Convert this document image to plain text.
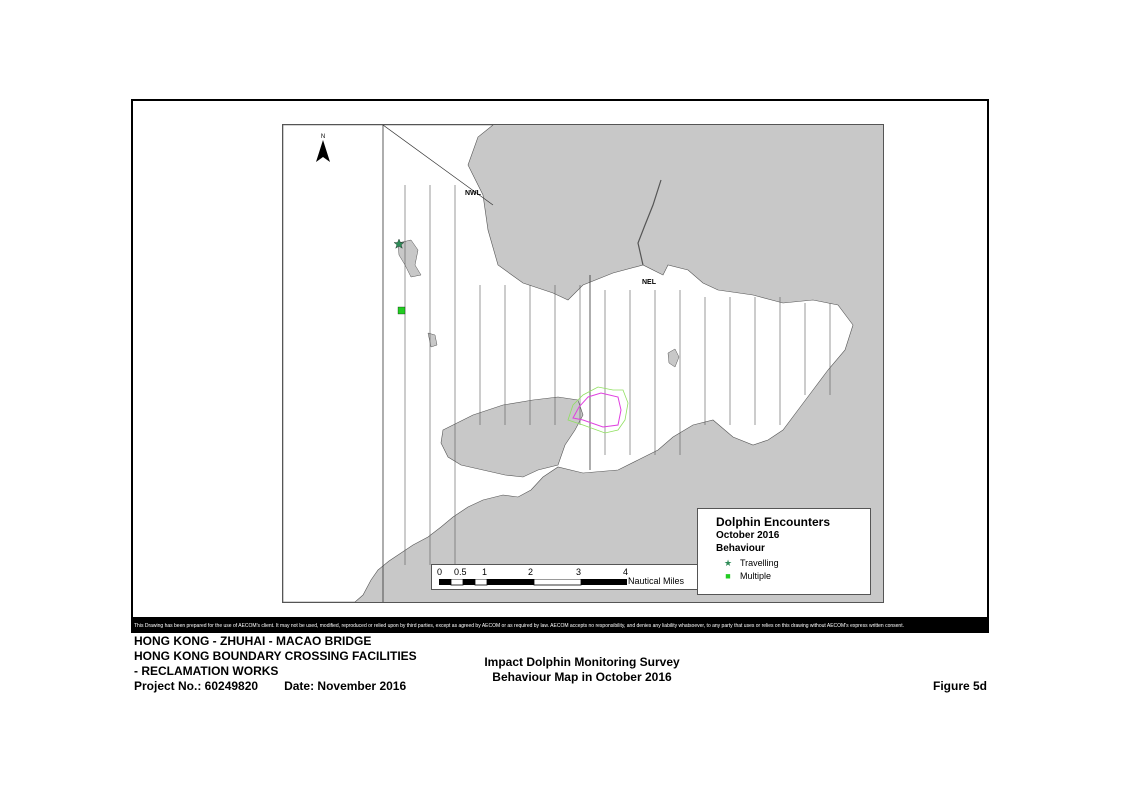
N
NWL
NEL
Dolphin Encounters
October 2016
Behaviour
★ Travelling
■ Multiple
0 0.5 1	2	3	4
Nautical Miles
This Drawing has been prepared for the use of AECOM's client. It may not be used, modified, reproduced or relied upon by third parties, except as agreed by AECOM or as required by law. AECOM accepts no responsibility, and denies any liability whatsoever, to any party that uses or relies on this drawing without AECOM's express written consent.
HONG KONG - ZHUHAI - MACAO BRIDGE
HONG KONG BOUNDARY CROSSING FACILITIES
- RECLAMATION WORKS
Project No.: 60249820 Date: November 2016
Impact Dolphin Monitoring Survey
Behaviour Map in October 2016
Figure 5d
